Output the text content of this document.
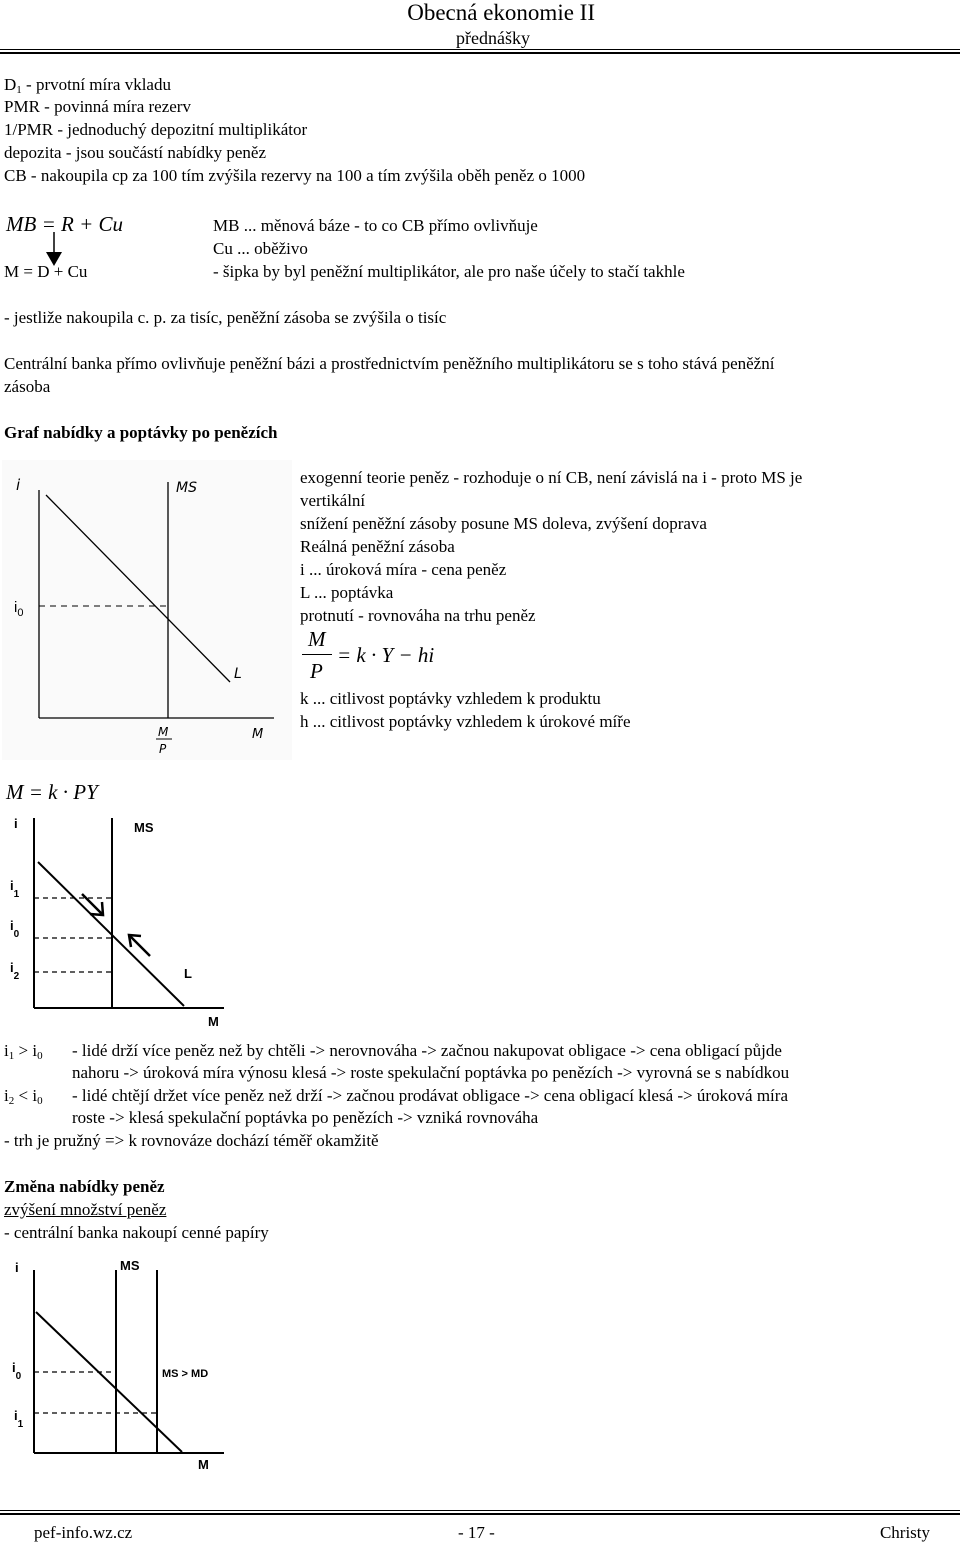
Obecná ekonomie II
přednášky
$D_1$ - prvotní míra vkladu
PMR - povinná míra rezerv
1/PMR - jednoduchý depozitní multiplikátor
depozita - jsou součástí nabídky peněz
CB - nakoupila cp za 100 tím zvýšila rezervy na 100 a tím zvýšila oběh peněz o 1000
MB = R + Cu
M = D + Cu
MB ... měnová báze - to co CB přímo ovlivňuje
Cu ... oběživo
- šipka by byl peněžní multiplikátor, ale pro naše účely to stačí takhle
- jestliže nakoupila c. p. za tisíc, peněžní zásoba se zvýšila o tisíc
Centrální banka přímo ovlivňuje peněžní bázi a prostřednictvím peněžního multiplikátoru se s toho stává peněžní
zásoba
Graf nabídky a poptávky po penězích
i	MS
$i_0$
L
M
P
M
exogenní teorie peněz - rozhoduje o ní CB, není závislá na i - proto MS je
vertikální
snížení peněžní zásoby posune MS doleva, zvýšení doprava
Reálná peněžní zásoba
i ... úroková míra - cena peněz
L ... poptávka
protnutí - rovnováha na trhu peněz
M
P
= k · Y − hi
k ... citlivost poptávky vzhledem k produktu
h ... citlivost poptávky vzhledem k úrokové míře
M = k · PY
i	MS
$i_1$
$i_0$
$i_2$	L
M
$i_1 > i_0$ - lidé drží více peněz než by chtěli -> nerovnováha -> začnou nakupovat obligace -> cena obligací půjde
nahoru -> úroková míra výnosu klesá -> roste spekulační poptávka po penězích -> vyrovná se s nabídkou
$i_2 < i_0$ - lidé chtějí držet více peněz než drží -> začnou prodávat obligace -> cena obligací klesá -> úroková míra
roste -> klesá spekulační poptávka po penězích -> vzniká rovnováha
- trh je pružný => k rovnováze dochází téměř okamžitě
Změna nabídky peněz
zvýšení množství peněz
- centrální banka nakoupí cenné papíry
i	MS
$i_0$	MS > MD
$i_1$
M
pef-info.wz.cz	- 17 -	Christy
